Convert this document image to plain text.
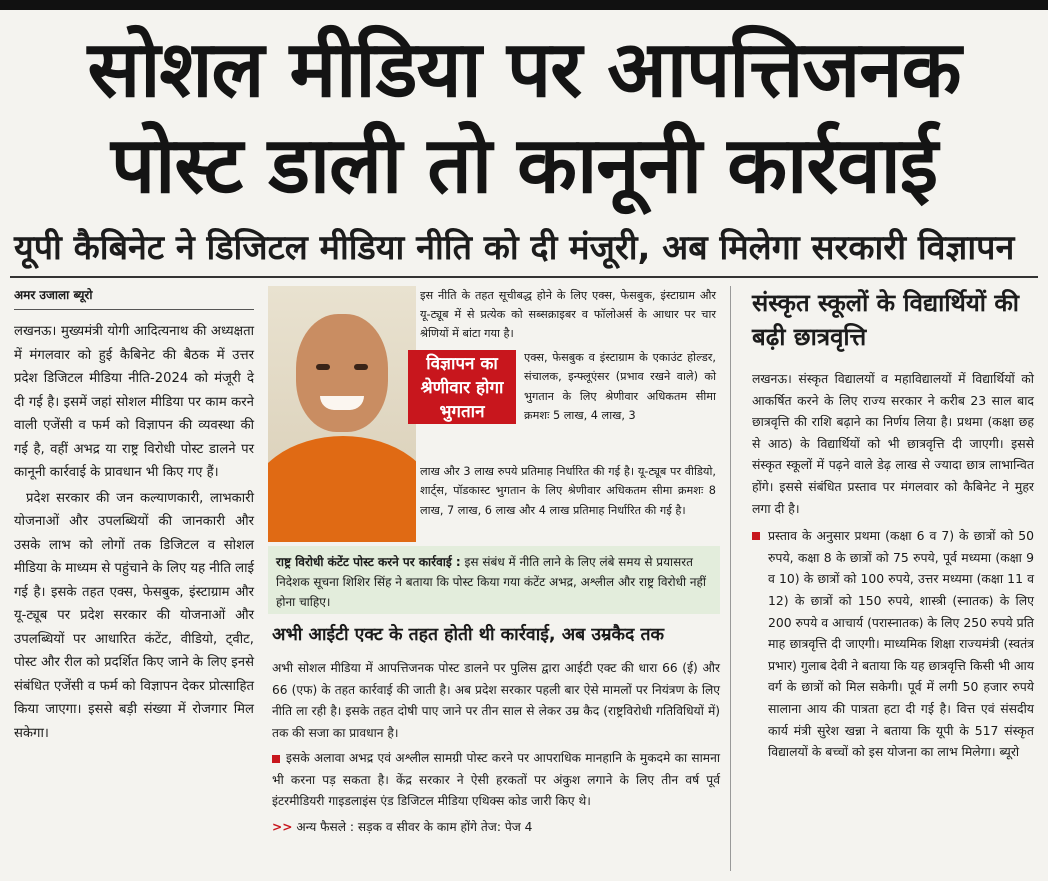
सोशल मीडिया पर आपत्तिजनक
पोस्ट डाली तो कानूनी कार्रवाई
यूपी कैबिनेट ने डिजिटल मीडिया नीति को दी मंजूरी, अब मिलेगा सरकारी विज्ञापन
अमर उजाला ब्यूरो

लखनऊ। मुख्यमंत्री योगी आदित्यनाथ की अध्यक्षता में मंगलवार को हुई कैबिनेट की बैठक में उत्तर प्रदेश डिजिटल मीडिया नीति-2024 को मंजूरी दे दी गई है। इसमें जहां सोशल मीडिया पर काम करने वाली एजेंसी व फर्म को विज्ञापन की व्यवस्था की गई है, वहीं अभद्र या राष्ट्र विरोधी पोस्ट डालने पर कानूनी कार्रवाई के प्रावधान भी किए गए हैं।

प्रदेश सरकार की जन कल्याणकारी, लाभकारी योजनाओं और उपलब्धियों की जानकारी और उसके लाभ को लोगों तक डिजिटल व सोशल मीडिया के माध्यम से पहुंचाने के लिए यह नीति लाई गई है। इसके तहत एक्स, फेसबुक, इंस्टाग्राम और यू-ट्यूब पर प्रदेश सरकार की योजनाओं और उपलब्धियों पर आधारित कंटेंट, वीडियो, ट्वीट, पोस्ट और रील को प्रदर्शित किए जाने के लिए इनसे संबंधित एजेंसी व फर्म को विज्ञापन देकर प्रोत्साहित किया जाएगा। इससे बड़ी संख्या में रोजगार मिल सकेगा।

इस नीति के तहत सूचीबद्ध होने के लिए एक्स, फेसबुक, इंस्टाग्राम और यू-ट्यूब में से प्रत्येक को सब्सक्राइबर व फॉलोअर्स के आधार पर चार श्रेणियों में बांटा गया है।
विज्ञापन का श्रेणीवार होगा भुगतान
एक्स, फेसबुक व इंस्टाग्राम के एकाउंट होल्डर, संचालक, इन्फ्लूएंसर (प्रभाव रखने वाले) को भुगतान के लिए श्रेणीवार अधिकतम सीमा क्रमशः 5 लाख, 4 लाख, 3
लाख और 3 लाख रुपये प्रतिमाह निर्धारित की गई है। यू-ट्यूब पर वीडियो, शार्ट्स, पॉडकास्ट भुगतान के लिए श्रेणीवार अधिकतम सीमा क्रमशः 8 लाख, 7 लाख, 6 लाख और 4 लाख प्रतिमाह निर्धारित की गई है।
राष्ट्र विरोधी कंटेंट पोस्ट करने पर कार्रवाई : इस संबंध में नीति लाने के लिए लंबे समय से प्रयासरत निदेशक सूचना शिशिर सिंह ने बताया कि पोस्ट किया गया कंटेंट अभद्र, अश्लील और राष्ट्र विरोधी नहीं होना चाहिए।
अभी आईटी एक्ट के तहत होती थी कार्रवाई, अब उम्रकैद तक

अभी सोशल मीडिया में आपत्तिजनक पोस्ट डालने पर पुलिस द्वारा आईटी एक्ट की धारा 66 (ई) और 66 (एफ) के तहत कार्रवाई की जाती है। अब प्रदेश सरकार पहली बार ऐसे मामलों पर नियंत्रण के लिए नीति ला रही है। इसके तहत दोषी पाए जाने पर तीन साल से लेकर उम्र कैद (राष्ट्रविरोधी गतिविधियों में) तक की सजा का प्रावधान है।

इसके अलावा अभद्र एवं अश्लील सामग्री पोस्ट करने पर आपराधिक मानहानि के मुकदमे का सामना भी करना पड़ सकता है। केंद्र सरकार ने ऐसी हरकतों पर अंकुश लगाने के लिए तीन वर्ष पूर्व इंटरमीडियरी गाइडलाइंस एंड डिजिटल मीडिया एथिक्स कोड जारी किए थे।

>> अन्य फैसले : सड़क व सीवर के काम होंगे तेज: पेज 4

संस्कृत स्कूलों के विद्यार्थियों की बढ़ी छात्रवृत्ति

लखनऊ। संस्कृत विद्यालयों व महाविद्यालयों में विद्यार्थियों को आकर्षित करने के लिए राज्य सरकार ने करीब 23 साल बाद छात्रवृत्ति की राशि बढ़ाने का निर्णय लिया है। प्रथमा (कक्षा छह से आठ) के विद्यार्थियों को भी छात्रवृत्ति दी जाएगी। इससे संस्कृत स्कूलों में पढ़ने वाले डेढ़ लाख से ज्यादा छात्र लाभान्वित होंगे। इससे संबंधित प्रस्ताव पर मंगलवार को कैबिनेट ने मुहर लगा दी है।

प्रस्ताव के अनुसार प्रथमा (कक्षा 6 व 7) के छात्रों को 50 रुपये, कक्षा 8 के छात्रों को 75 रुपये, पूर्व मध्यमा (कक्षा 9 व 10) के छात्रों को 100 रुपये, उत्तर मध्यमा (कक्षा 11 व 12) के छात्रों को 150 रुपये, शास्त्री (स्नातक) के लिए 200 रुपये व आचार्य (परास्नातक) के लिए 250 रुपये प्रति माह छात्रवृत्ति दी जाएगी। माध्यमिक शिक्षा राज्यमंत्री (स्वतंत्र प्रभार) गुलाब देवी ने बताया कि यह छात्रवृत्ति किसी भी आय वर्ग के छात्रों को मिल सकेगी। पूर्व में लगी 50 हजार रुपये सालाना आय की पात्रता हटा दी गई है। वित्त एवं संसदीय कार्य मंत्री सुरेश खन्ना ने बताया कि यूपी के 517 संस्कृत विद्यालयों के बच्चों को इस योजना का लाभ मिलेगा। ब्यूरो
